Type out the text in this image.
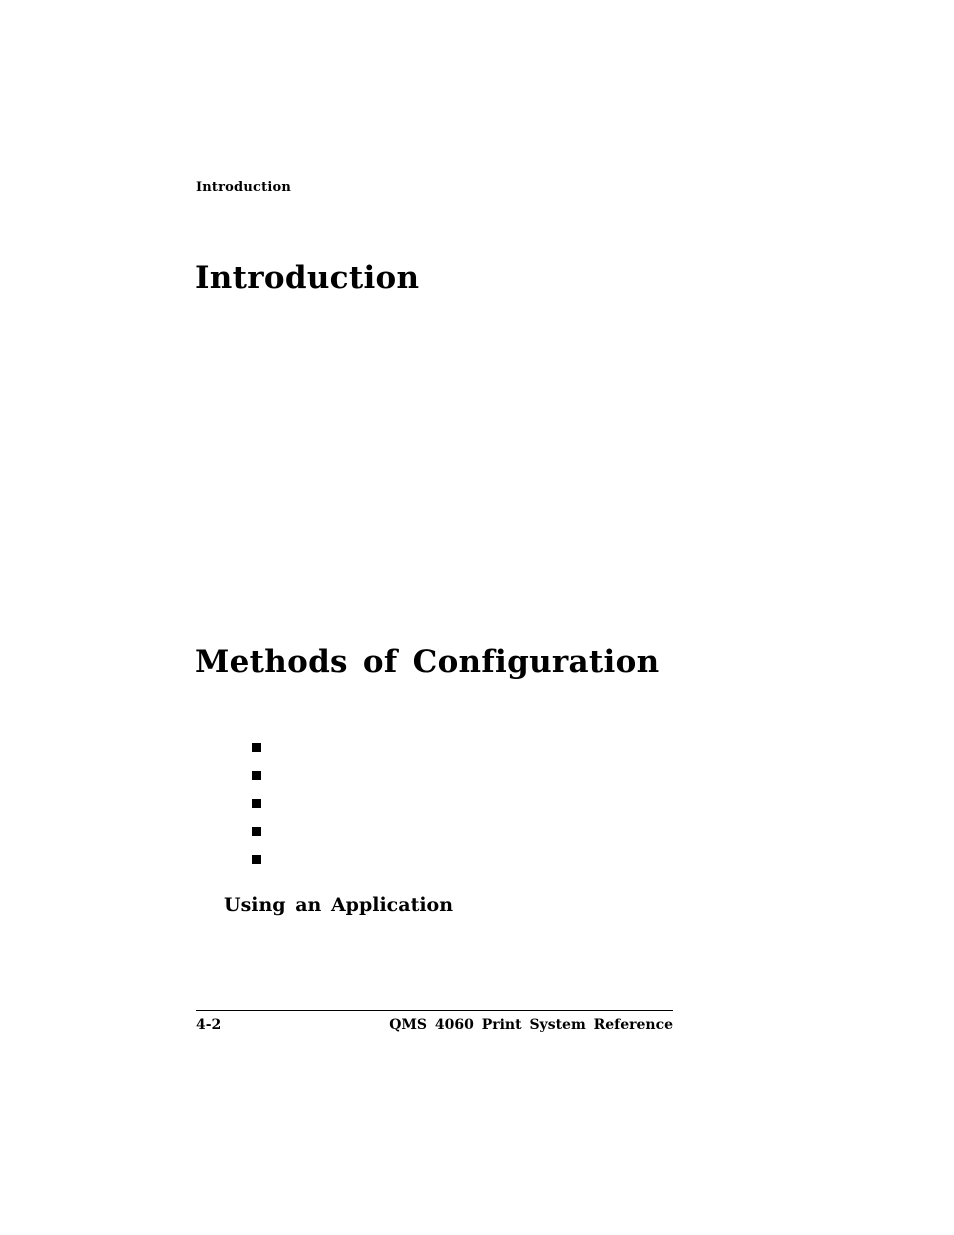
Introduction
Introduction
Methods of Configuration
Using an Application
4-2	QMS 4060 Print System Reference
